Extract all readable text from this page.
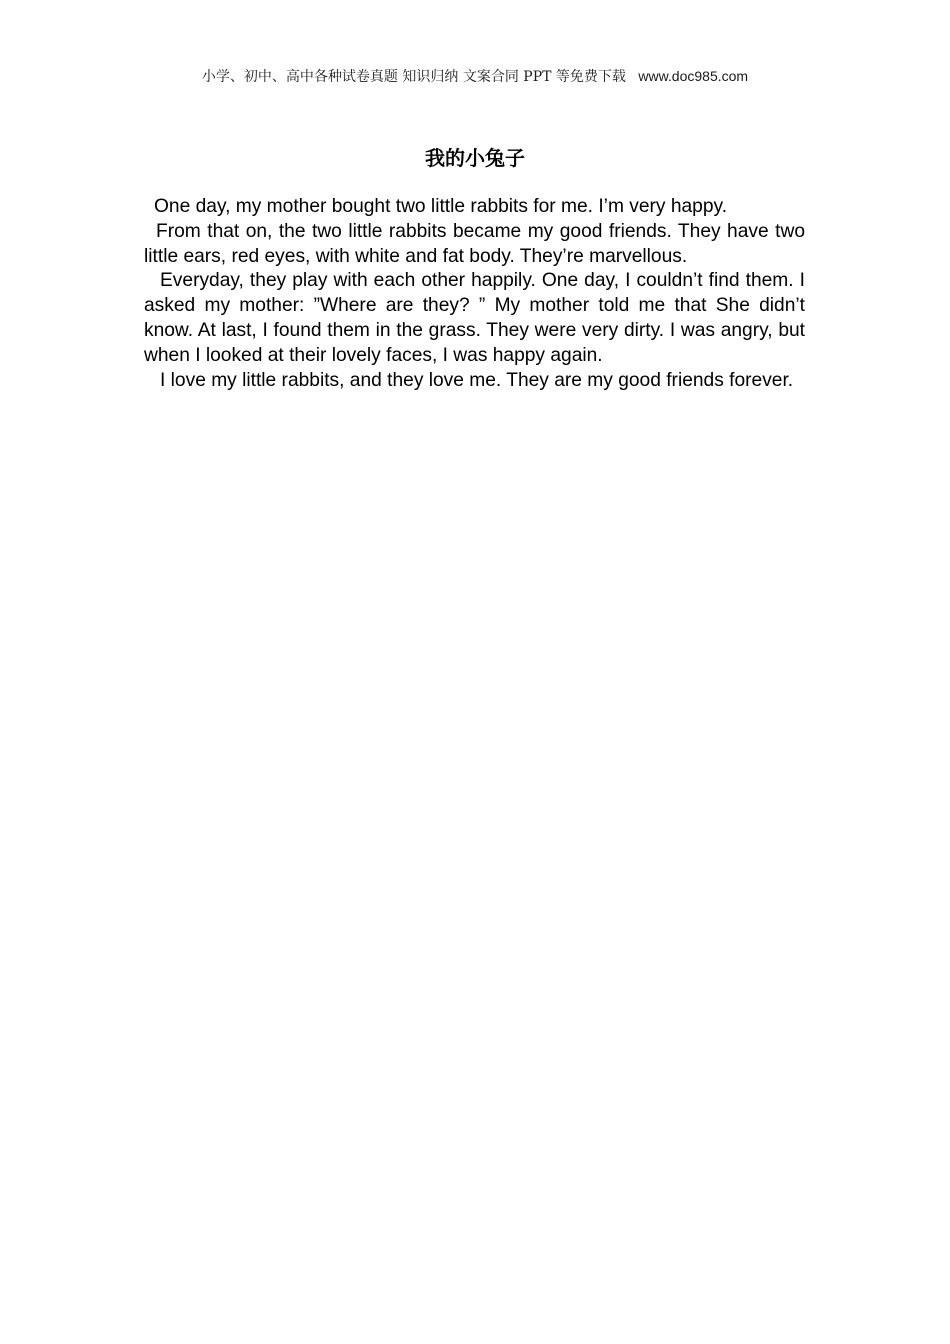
小学、初中、高中各种试卷真题 知识归纳 文案合同 PPT 等免费下载 www.doc985.com
我的小兔子

One day, my mother bought two little rabbits for me. I’m very happy.

From that on, the two little rabbits became my good friends. They have two little ears, red eyes, with white and fat body. They’re marvellous.

Everyday, they play with each other happily. One day, I couldn’t find them. I asked my mother: ”Where are they? ” My mother told me that She didn’t know. At last, I found them in the grass. They were very dirty. I was angry, but when I looked at their lovely faces, I was happy again.

I love my little rabbits, and they love me. They are my good friends forever.
